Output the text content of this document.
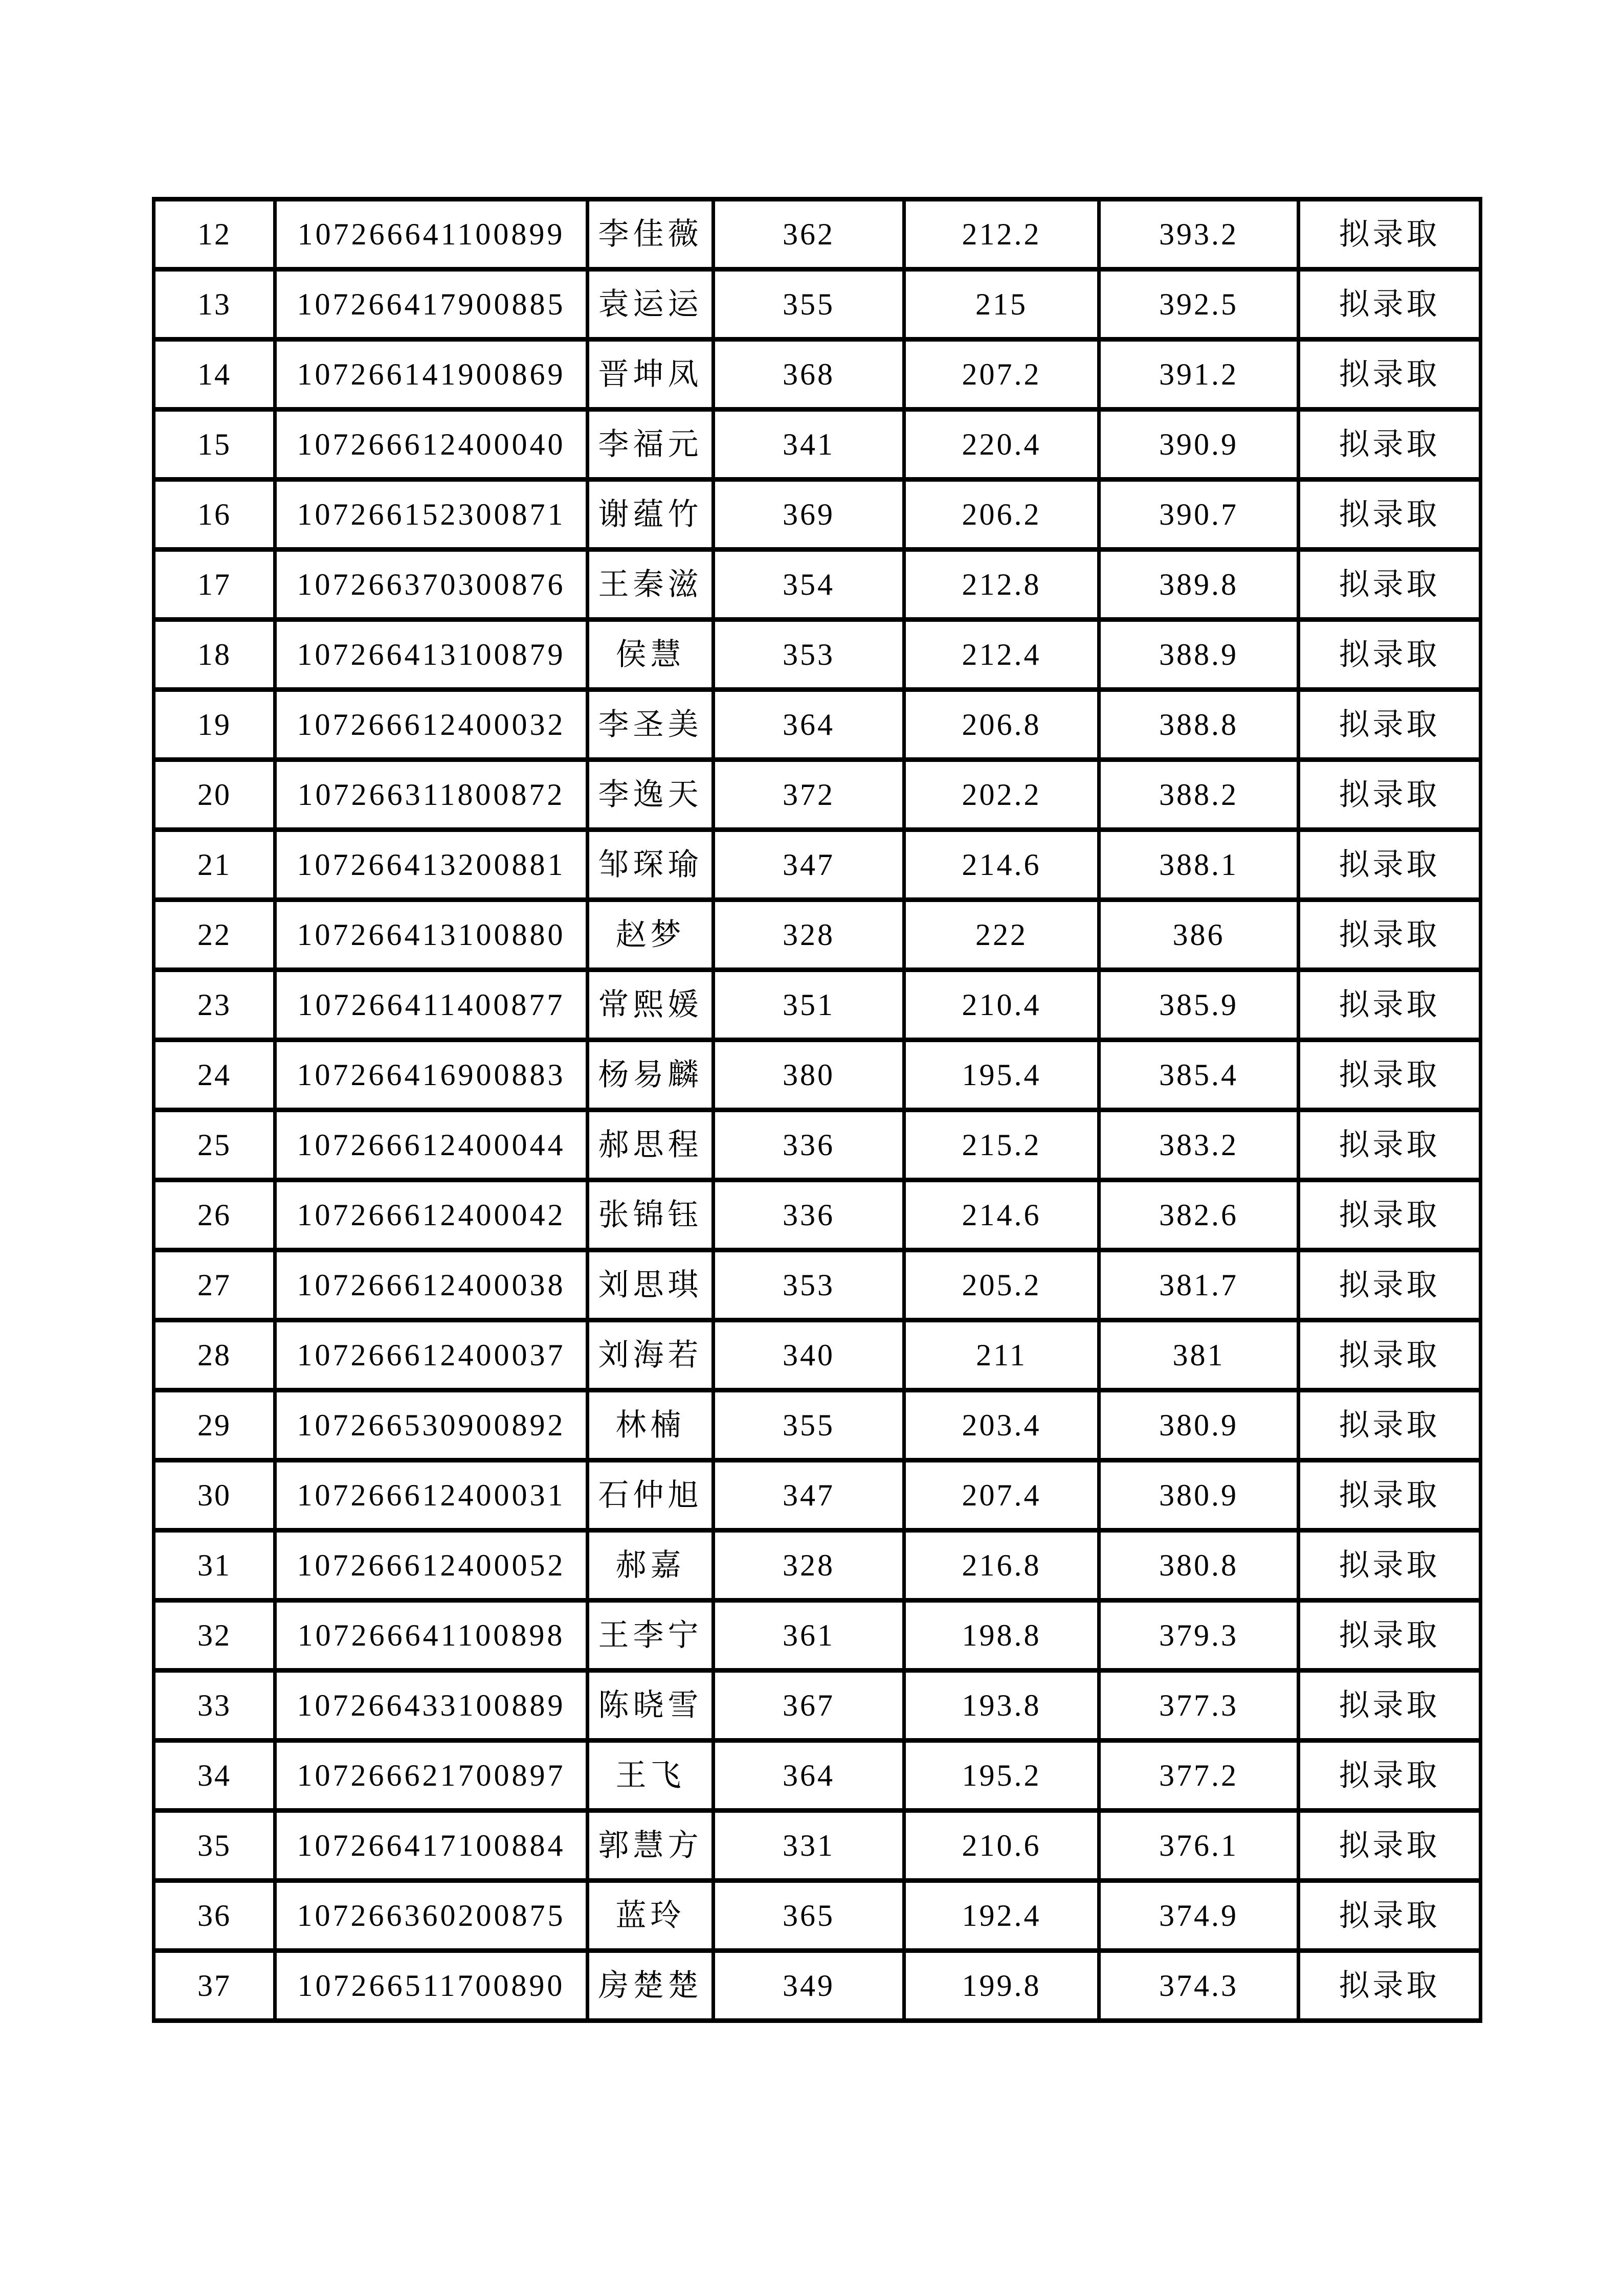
12	107266641100899	李佳薇	362	212.2	393.2	拟录取
13	107266417900885	袁运运	355	215	392.5	拟录取
14	107266141900869	晋坤凤	368	207.2	391.2	拟录取
15	107266612400040	李福元	341	220.4	390.9	拟录取
16	107266152300871	谢蕴竹	369	206.2	390.7	拟录取
17	107266370300876	王秦滋	354	212.8	389.8	拟录取
18	107266413100879	侯慧	353	212.4	388.9	拟录取
19	107266612400032	李圣美	364	206.8	388.8	拟录取
20	107266311800872	李逸天	372	202.2	388.2	拟录取
21	107266413200881	邹琛瑜	347	214.6	388.1	拟录取
22	107266413100880	赵梦	328	222	386	拟录取
23	107266411400877	常熙媛	351	210.4	385.9	拟录取
24	107266416900883	杨易麟	380	195.4	385.4	拟录取
25	107266612400044	郝思程	336	215.2	383.2	拟录取
26	107266612400042	张锦钰	336	214.6	382.6	拟录取
27	107266612400038	刘思琪	353	205.2	381.7	拟录取
28	107266612400037	刘海若	340	211	381	拟录取
29	107266530900892	林楠	355	203.4	380.9	拟录取
30	107266612400031	石仲旭	347	207.4	380.9	拟录取
31	107266612400052	郝嘉	328	216.8	380.8	拟录取
32	107266641100898	王李宁	361	198.8	379.3	拟录取
33	107266433100889	陈晓雪	367	193.8	377.3	拟录取
34	107266621700897	王飞	364	195.2	377.2	拟录取
35	107266417100884	郭慧方	331	210.6	376.1	拟录取
36	107266360200875	蓝玲	365	192.4	374.9	拟录取
37	107266511700890	房楚楚	349	199.8	374.3	拟录取
